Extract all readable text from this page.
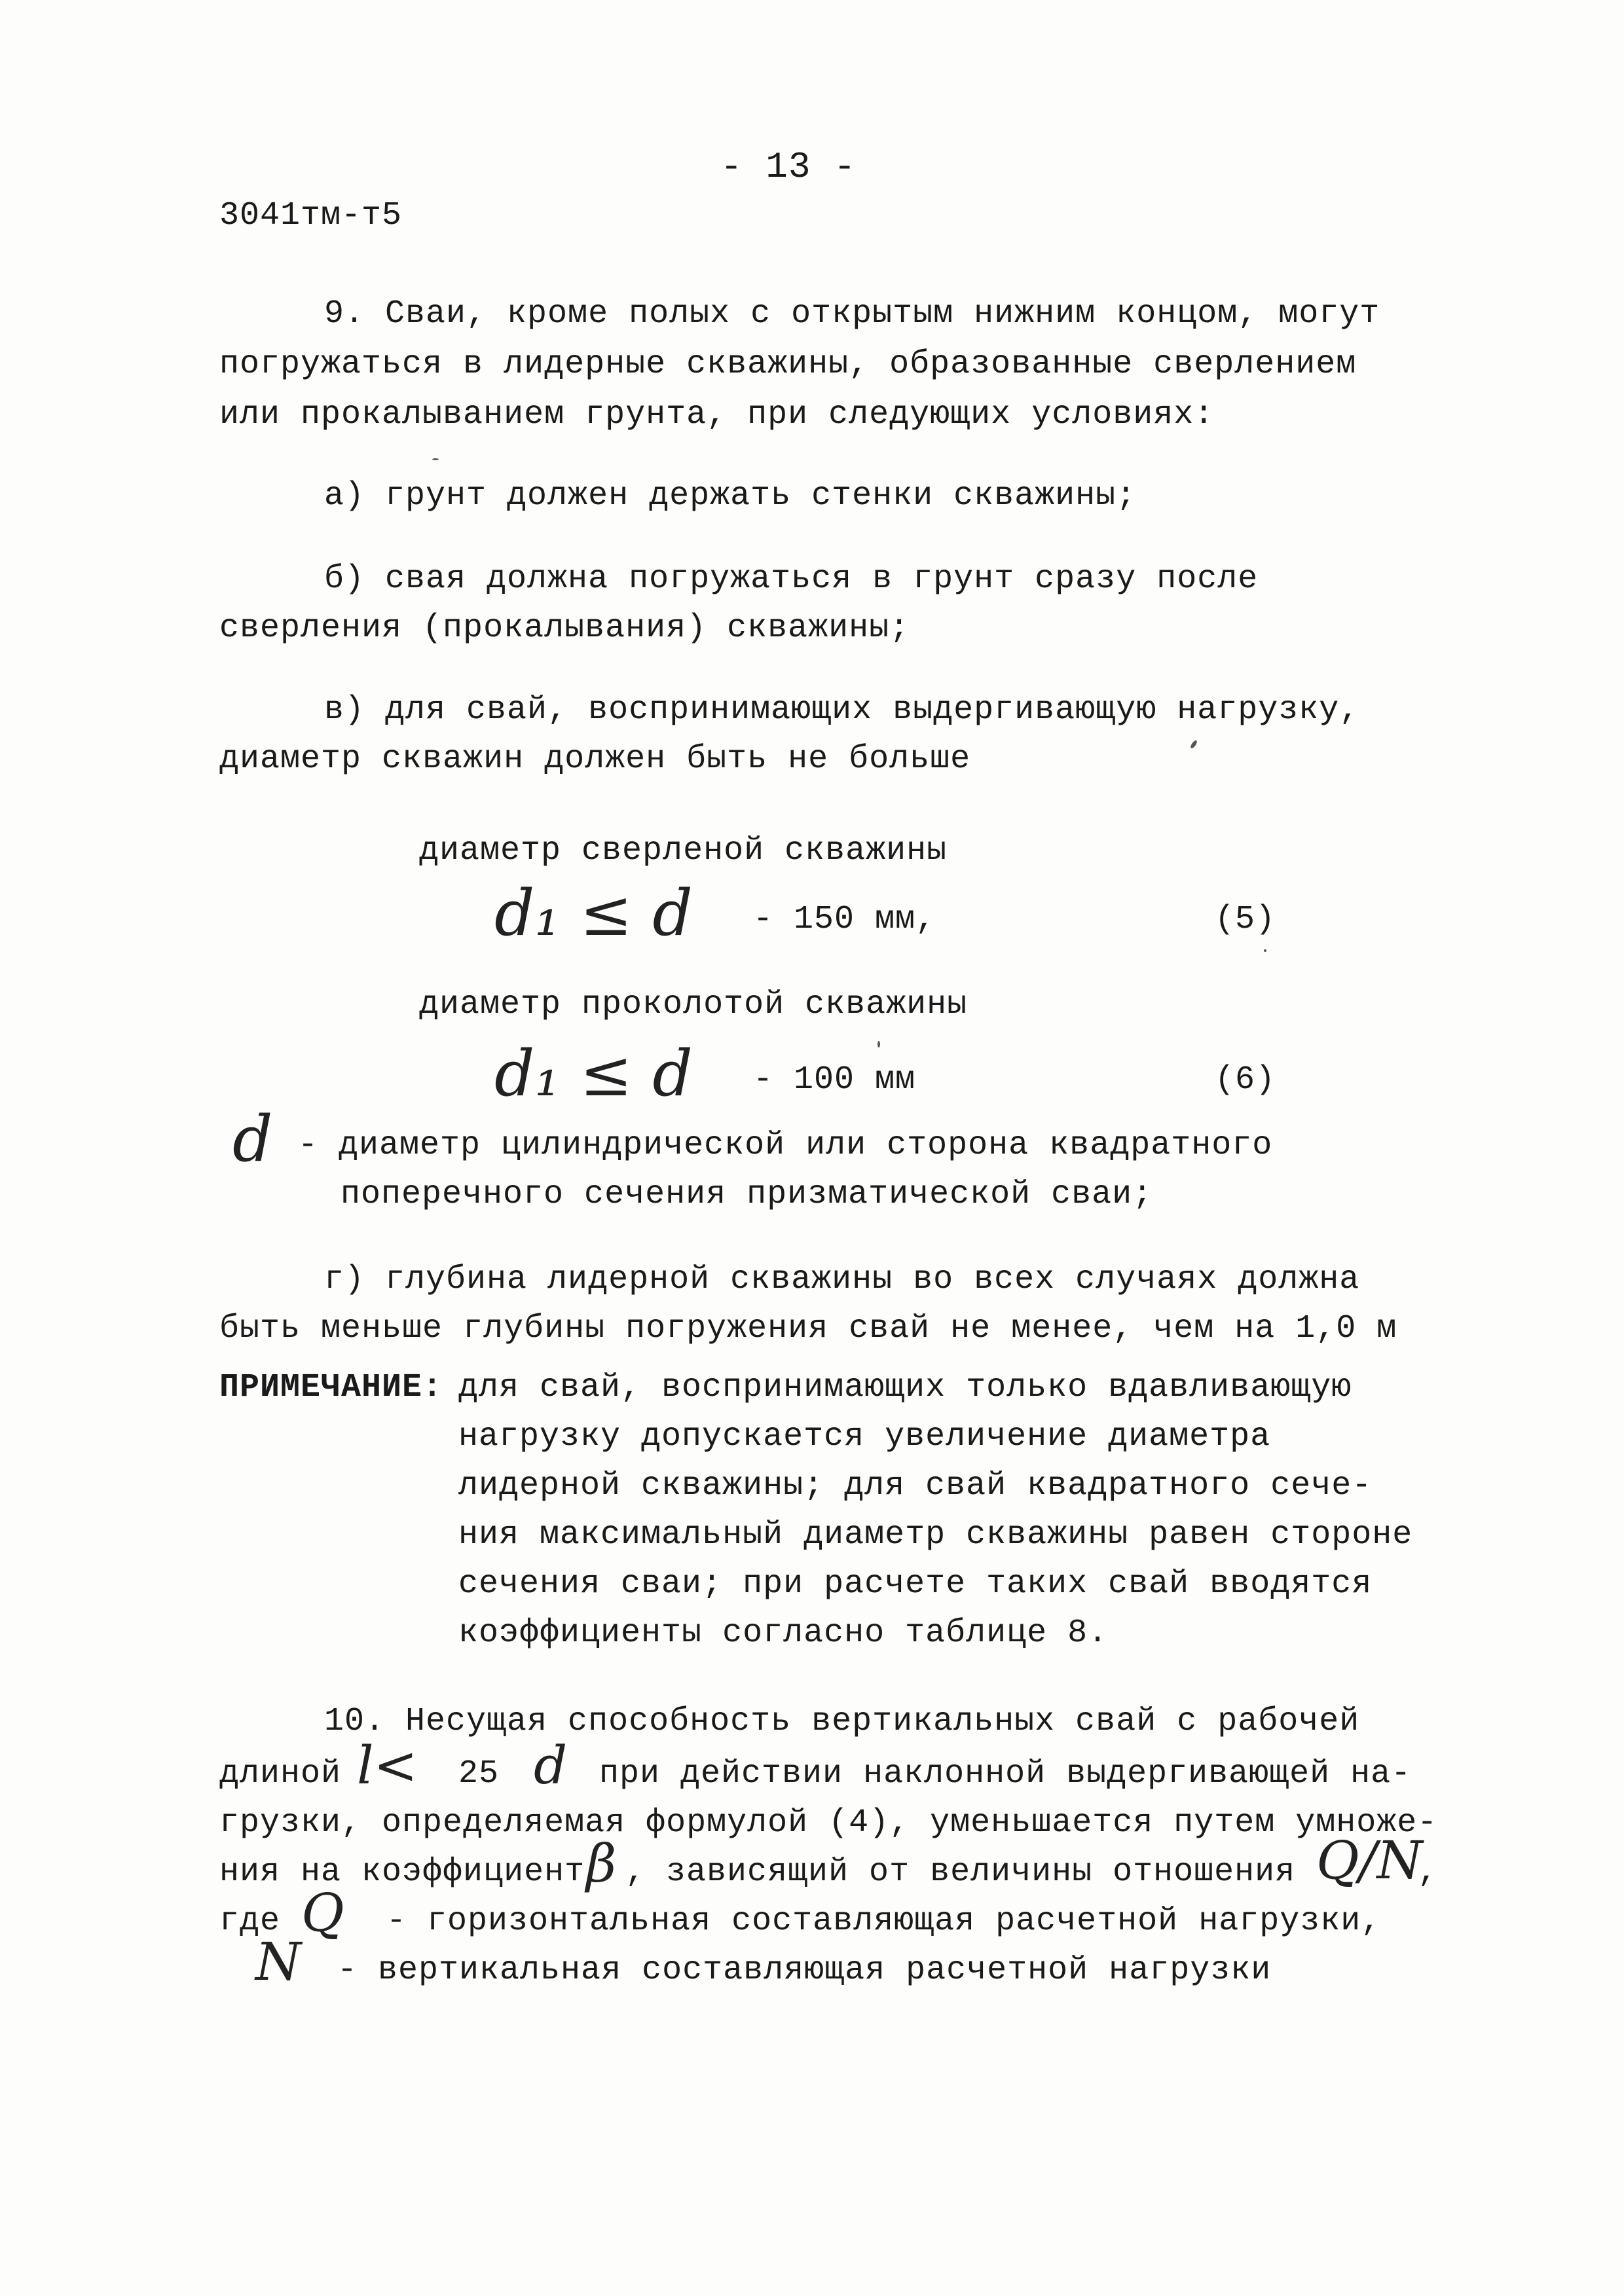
- 13 -
3041тм-т5
9. Сваи, кроме полых с открытым нижним концом, могут
погружаться в лидерные скважины, образованные сверлением
или прокалыванием грунта, при следующих условиях:
а) грунт должен держать стенки скважины;
б) свая должна погружаться в грунт сразу после
сверления (прокалывания) скважины;
в) для свай, воспринимающих выдергивающую нагрузку,
диаметр скважин должен быть не больше
диаметр сверленой скважины
d₁ ≤ d - 150 мм,	(5)
диаметр проколотой скважины
d₁ ≤ d - 100 мм	(6)
d - диаметр цилиндрической или сторона квадратного
поперечного сечения призматической сваи;
г) глубина лидерной скважины во всех случаях должна
быть меньше глубины погружения свай не менее, чем на 1,0 м
ПРИМЕЧАНИЕ: для свай, воспринимающих только вдавливающую
нагрузку допускается увеличение диаметра
лидерной скважины; для свай квадратного сече-
ния максимальный диаметр скважины равен стороне
сечения сваи; при расчете таких свай вводятся
коэффициенты согласно таблице 8.
10. Несущая способность вертикальных свай с рабочей
длиной l< 25 d при действии наклонной выдергивающей на-
грузки, определяемая формулой (4), уменьшается путем умноже-
ния на коэффициент β , зависящий от величины отношения Q/N
,
где Q - горизонтальная составляющая расчетной нагрузки,
N - вертикальная составляющая расчетной нагрузки
